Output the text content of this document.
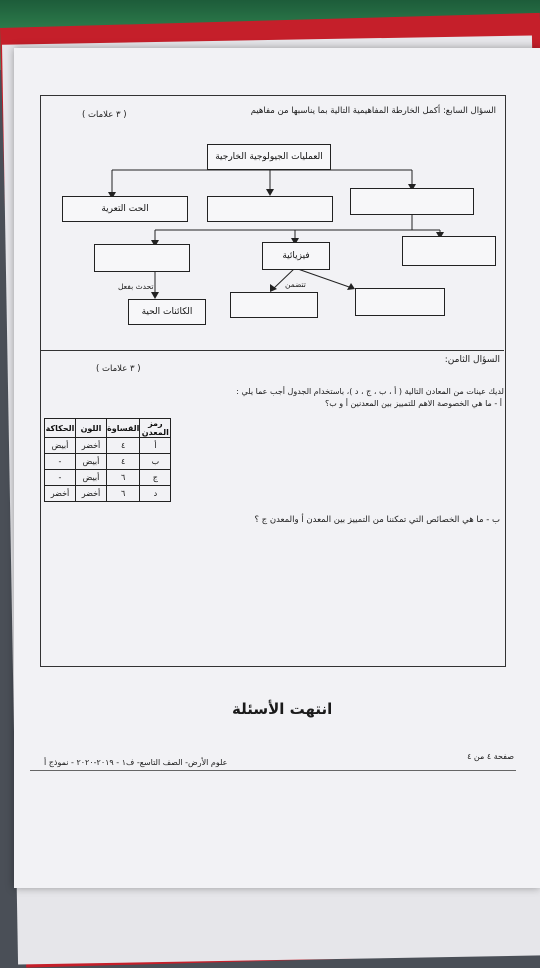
السؤال السابع: أكمل الخارطة المفاهيمية التالية بما يناسبها من مفاهيم
( ٣ علامات )
العمليات الجيولوجية الخارجية
الحت التعرية
فيزيائية
تحدث بفعل	تتضمن
الكائنات الحية
السؤال الثامن:
( ٣ علامات )
لديك عينات من المعادن التالية ( أ ، ب ، ج ، د )، باستخدام الجدول أجب عما يلي :
أ - ما هي الخصوصة الاهم للتمييز بين المعدنين أ و ب؟
رمز المعدن	القساوة	اللون	الحكاكة
أ	٤	أخضر	أبيض
ب	٤	أبيض	-
ج	٦	أبيض	-
د	٦	أخضر	أخضر
ب - ما هي الخصائص التي تمكننا من التمييز بين المعدن أ والمعدن ج ؟
انتهت الأسئلة
صفحة ٤ من ٤
علوم الأرض- الصف التاسع- ف١ - ٢٠١٩-٢٠٢٠ - نموذج أ
